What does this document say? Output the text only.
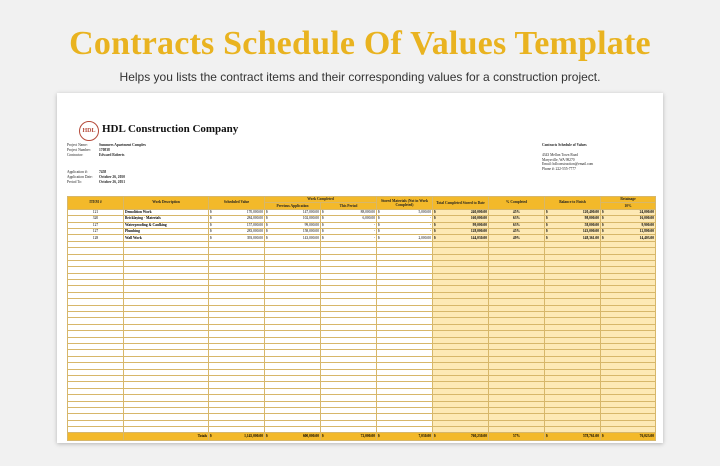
Contracts Schedule Of Values Template
Helps you lists the contract items and their corresponding values for a construction project.
HDL HDL Construction Company
Project Name:	Summers Apartment Complex
Project Number: 170838
Contractor:	Edward Roberts
Application #:	7458
Application Date: October 26, 2050
Period To:	October 26, 2051
Contracts Schedule of Values
4343 Mellon Town Road
Marysville, WA 98270
Email: hdlconstruction@email.com
Phone #: 222-555-7777
ITEM #	Work Description	Scheduled Value	Work Completed		Stored Materials (Not in Work Completed)	Total Completed Stored to Date	% Completed	Balance to Finish	Retainage
			Previous Application	This Period					10%
121	Demolition Work	$ 170,000.00	$ 147,000.00	$ 88,000.00	$ 5,000.00	$ 240,000.00	45%	$ 120,400.00	$ 24,000.00
320	Bricklaying - Materials	$ 284,000.00	$ 102,000.00	$ 6,000.00	$ -	$ 160,000.00	63%	$ 98,000.00	$ 16,000.00
127	Waterproofing & Caulking	$ 157,000.00	$ 99,000.00	$ -	$ -	$ 99,000.00	63%	$ 58,000.00	$ 9,900.00
127	Plumbing	$ 283,000.00	$ 158,000.00	$ -	$ -	$ 128,000.00	45%	$ 143,000.00	$ 12,800.00
128	Wall Work	$ 393,000.00	$ 143,000.00	$ -	$ 2,000.00	$ 144,030.00	49%	$ 148,361.00	$ 14,403.00

	Totals	$ 1,145,000.00	$ 600,000.00	$ 72,000.00	$ 7,030.00	$ 760,230.00	57%	$ 578,761.00	$ 76,023.00
